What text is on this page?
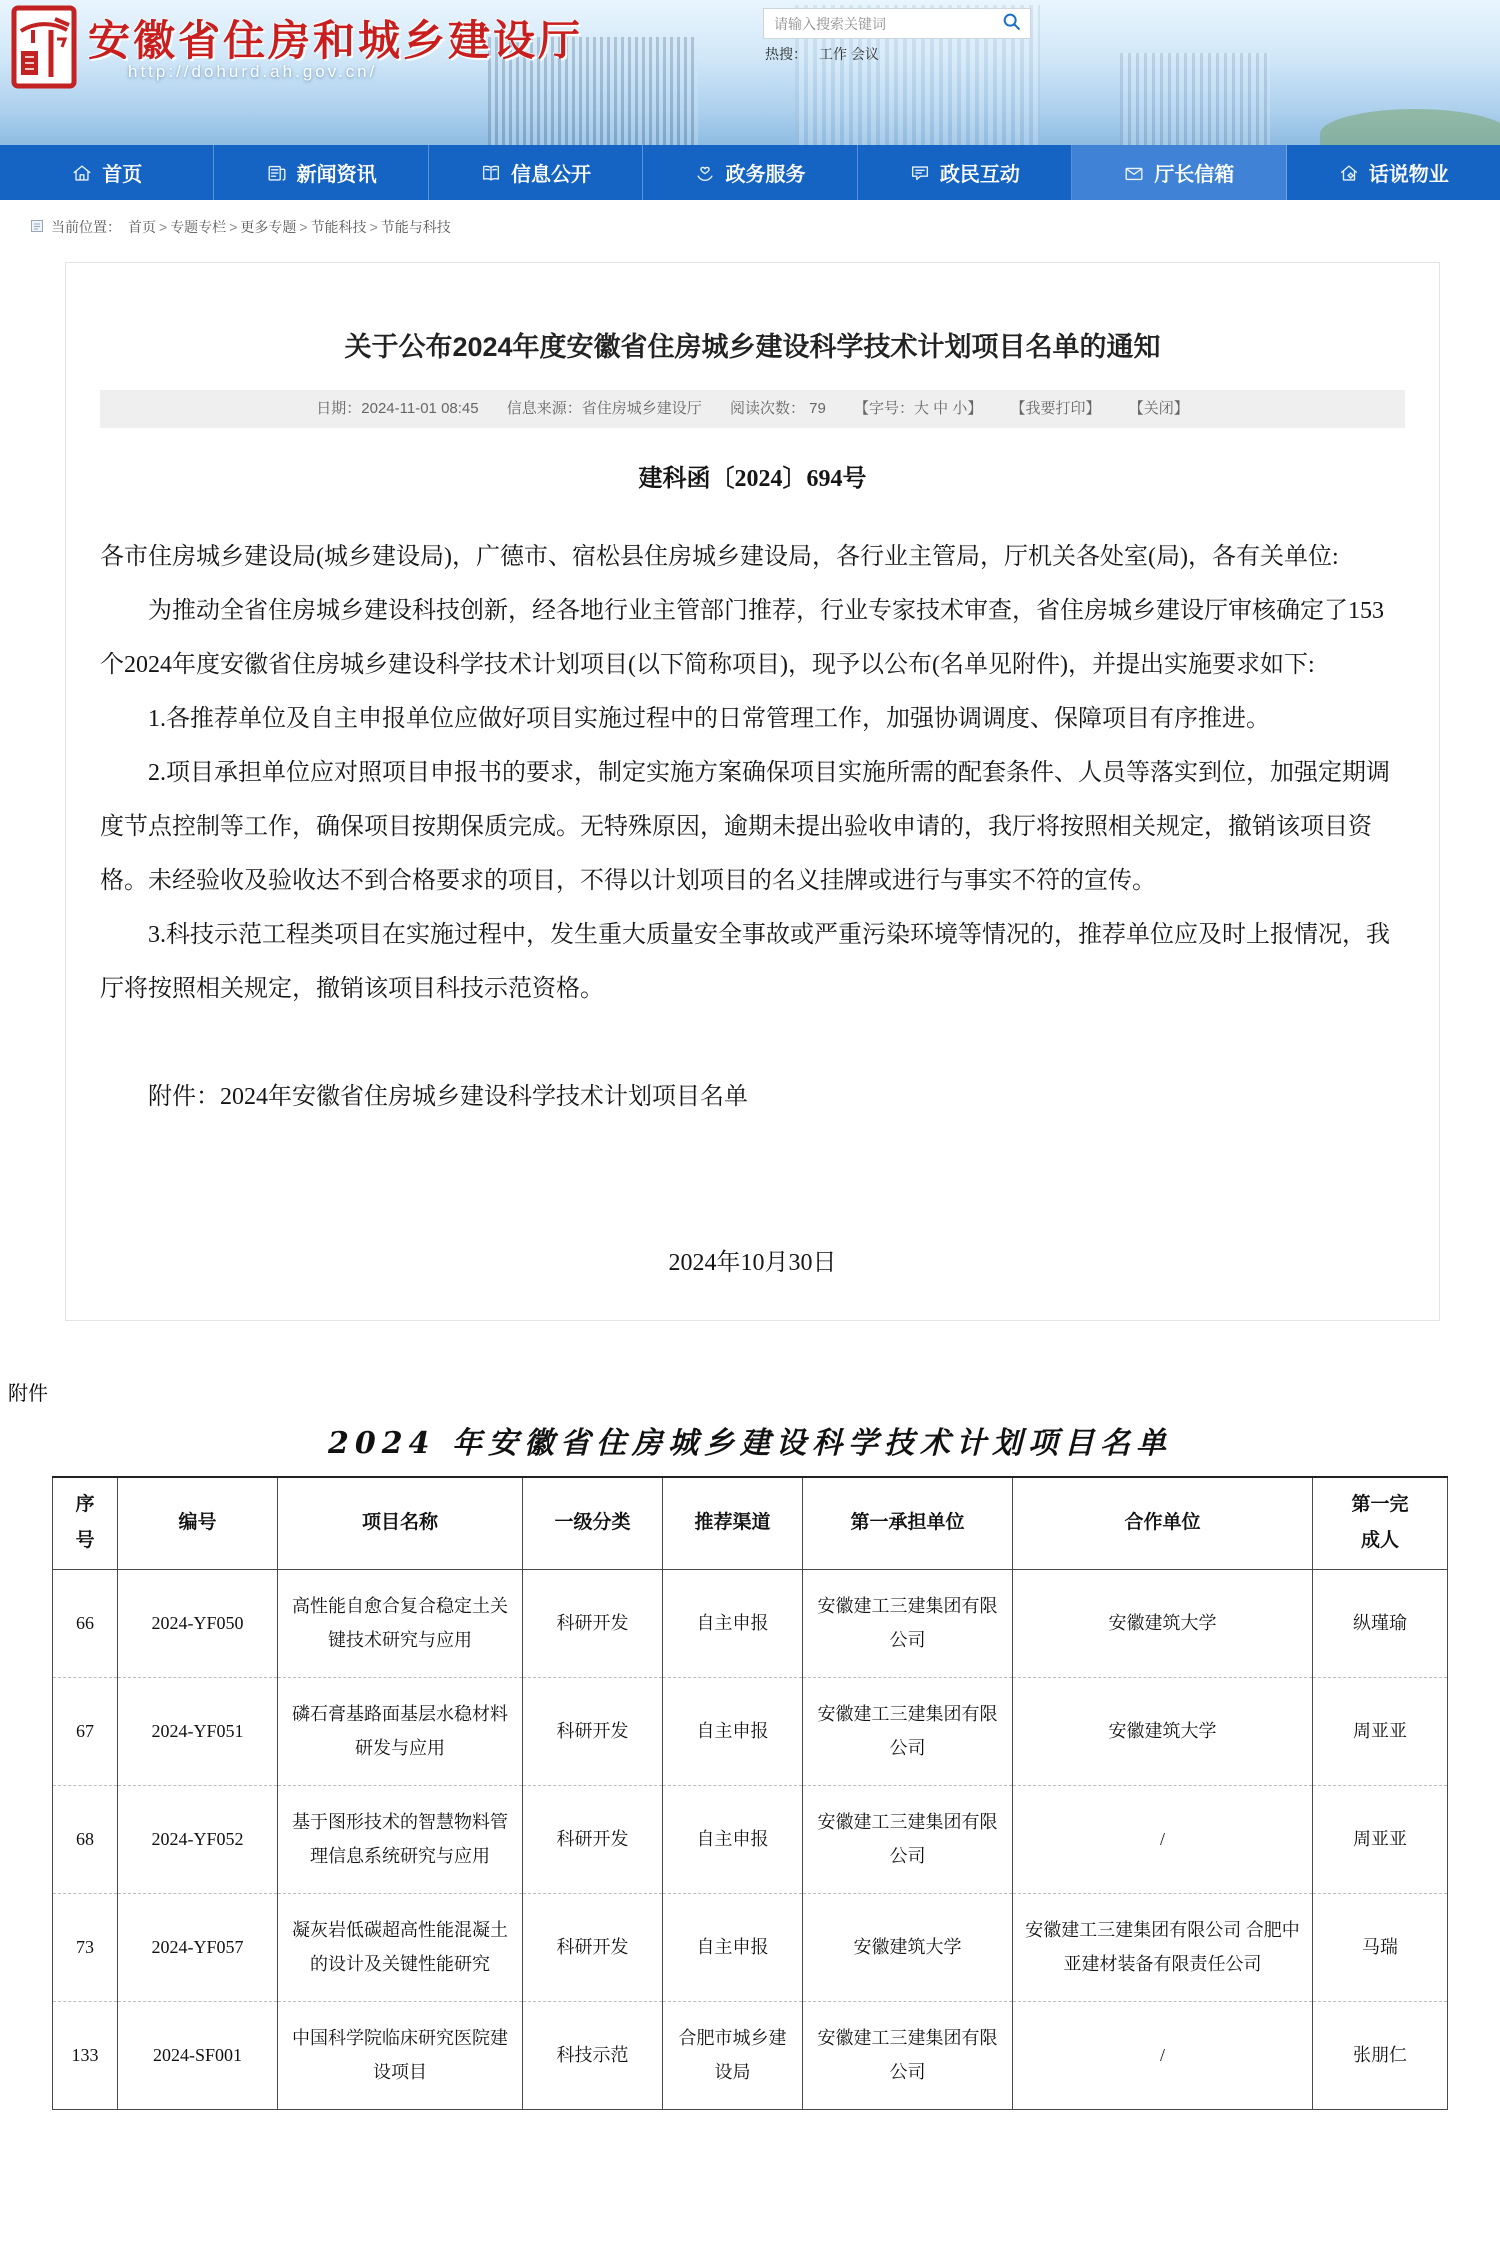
安徽省住房和城乡建设厅
http://dohurd.ah.gov.cn/
请输入搜索关键词
热搜： 工作 会议
首页	新闻资讯	信息公开	政务服务	政民互动	厅长信箱	话说物业
当前位置： 首页 > 专题专栏 > 更多专题 > 节能科技 > 节能与科技
关于公布2024年度安徽省住房城乡建设科学技术计划项目名单的通知
日期：2024-11-01 08:45 信息来源：省住房城乡建设厅 阅读次数： 79 【字号：大 中 小】 【我要打印】 【关闭】

建科函〔2024〕694号

各市住房城乡建设局(城乡建设局)，广德市、宿松县住房城乡建设局，各行业主管局，厅机关各处室(局)，各有关单位:

为推动全省住房城乡建设科技创新，经各地行业主管部门推荐，行业专家技术审查，省住房城乡建设厅审核确定了153个2024年度安徽省住房城乡建设科学技术计划项目(以下简称项目)，现予以公布(名单见附件)，并提出实施要求如下:

1.各推荐单位及自主申报单位应做好项目实施过程中的日常管理工作，加强协调调度、保障项目有序推进。

2.项目承担单位应对照项目申报书的要求，制定实施方案确保项目实施所需的配套条件、人员等落实到位，加强定期调度节点控制等工作，确保项目按期保质完成。无特殊原因，逾期未提出验收申请的，我厅将按照相关规定，撤销该项目资格。未经验收及验收达不到合格要求的项目，不得以计划项目的名义挂牌或进行与事实不符的宣传。

3.科技示范工程类项目在实施过程中，发生重大质量安全事故或严重污染环境等情况的，推荐单位应及时上报情况，我厅将按照相关规定，撤销该项目科技示范资格。

附件：2024年安徽省住房城乡建设科学技术计划项目名单

2024年10月30日

附件
2024 年安徽省住房城乡建设科学技术计划项目名单
序号	编号	项目名称	一级分类	推荐渠道	第一承担单位	合作单位	第一完成人
66	2024-YF050	高性能自愈合复合稳定土关键技术研究与应用	科研开发	自主申报	安徽建工三建集团有限公司	安徽建筑大学	纵瑾瑜
67	2024-YF051	磷石膏基路面基层水稳材料研发与应用	科研开发	自主申报	安徽建工三建集团有限公司	安徽建筑大学	周亚亚
68	2024-YF052	基于图形技术的智慧物料管理信息系统研究与应用	科研开发	自主申报	安徽建工三建集团有限公司	/	周亚亚
73	2024-YF057	凝灰岩低碳超高性能混凝土的设计及关键性能研究	科研开发	自主申报	安徽建筑大学	安徽建工三建集团有限公司 合肥中亚建材装备有限责任公司	马瑞
133	2024-SF001	中国科学院临床研究医院建设项目	科技示范	合肥市城乡建设局	安徽建工三建集团有限公司	/	张朋仁
